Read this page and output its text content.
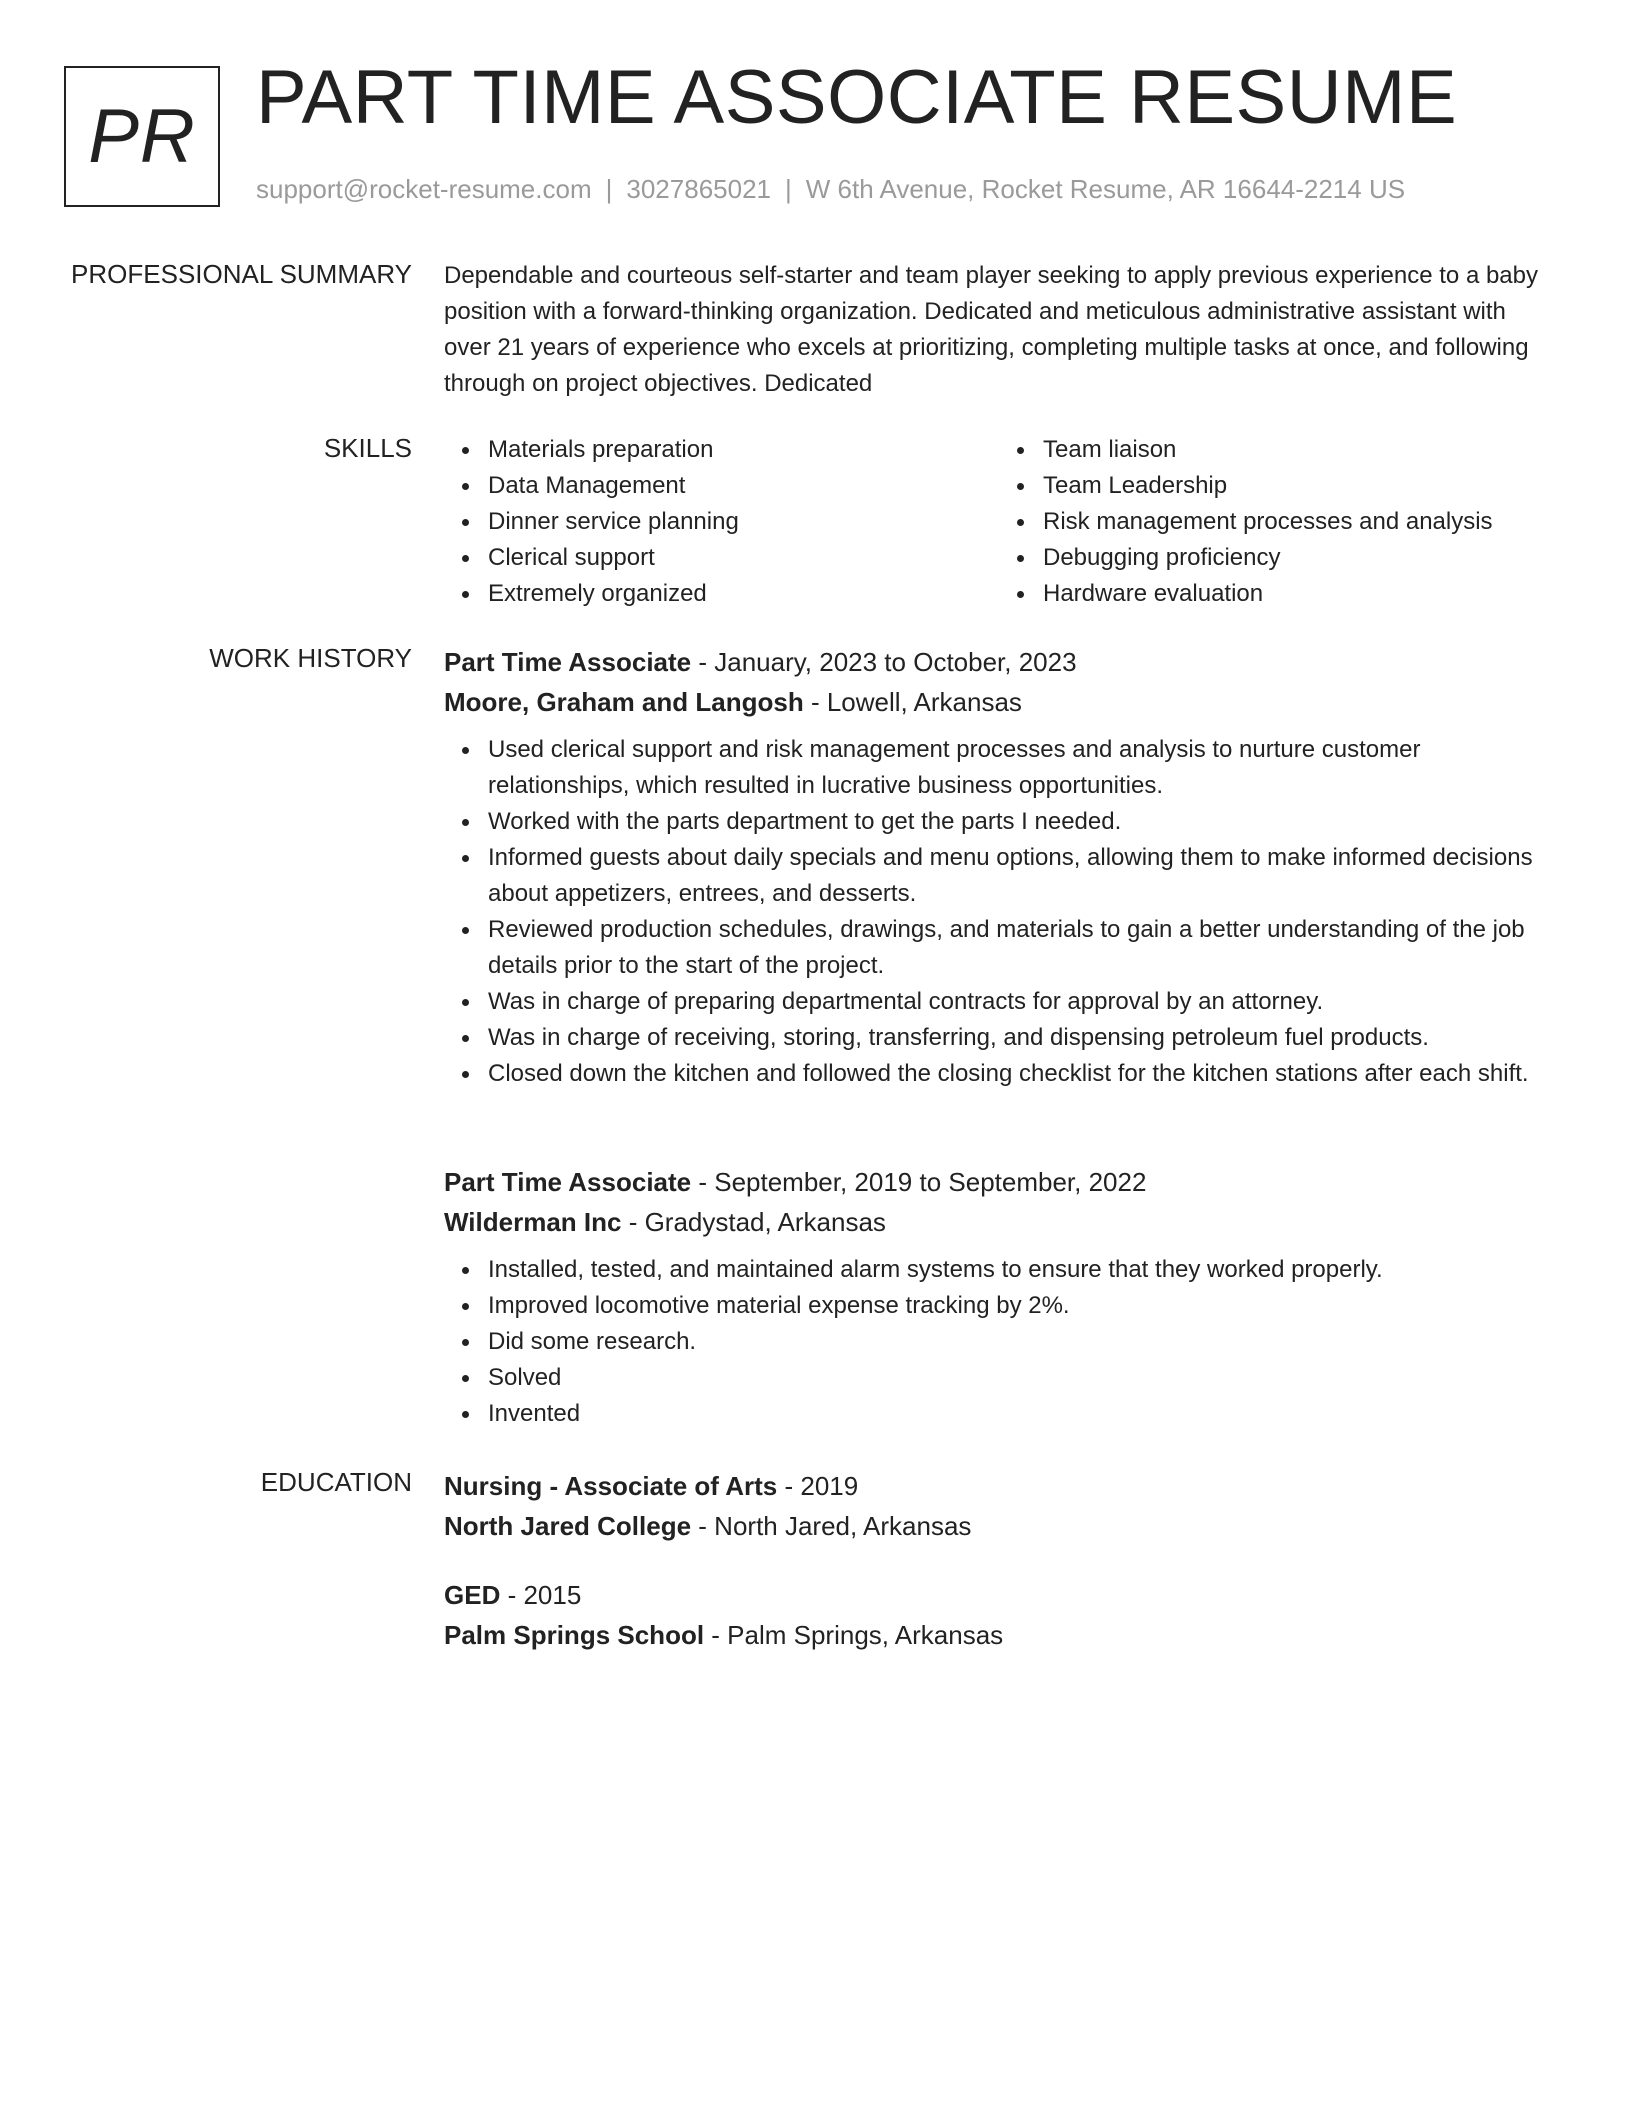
PR PART TIME ASSOCIATE RESUME
support@rocket-resume.com | 3027865021 | W 6th Avenue, Rocket Resume, AR 16644-2214 US
PROFESSIONAL SUMMARY Dependable and courteous self-starter and team player seeking to apply previous experience to a baby position with a forward-thinking organization. Dedicated and meticulous administrative assistant with over 21 years of experience who excels at prioritizing, completing multiple tasks at once, and following through on project objectives. Dedicated

SKILLS	Materials preparation
Data Management
Dinner service planning
Clerical support
Extremely organized
Team liaison
Team Leadership
Risk management processes and analysis
Debugging proficiency
Hardware evaluation
WORK HISTORY Part Time Associate - January, 2023 to October, 2023
Moore, Graham and Langosh - Lowell, Arkansas
Used clerical support and risk management processes and analysis to nurture customer relationships, which resulted in lucrative business opportunities.
Worked with the parts department to get the parts I needed.
Informed guests about daily specials and menu options, allowing them to make informed decisions about appetizers, entrees, and desserts.
Reviewed production schedules, drawings, and materials to gain a better understanding of the job details prior to the start of the project.
Was in charge of preparing departmental contracts for approval by an attorney.
Was in charge of receiving, storing, transferring, and dispensing petroleum fuel products.
Closed down the kitchen and followed the closing checklist for the kitchen stations after each shift.
Part Time Associate - September, 2019 to September, 2022
Wilderman Inc - Gradystad, Arkansas
Installed, tested, and maintained alarm systems to ensure that they worked properly.
Improved locomotive material expense tracking by 2%.
Did some research.
Solved
Invented
EDUCATION Nursing - Associate of Arts - 2019
North Jared College - North Jared, Arkansas
GED - 2015
Palm Springs School - Palm Springs, Arkansas
